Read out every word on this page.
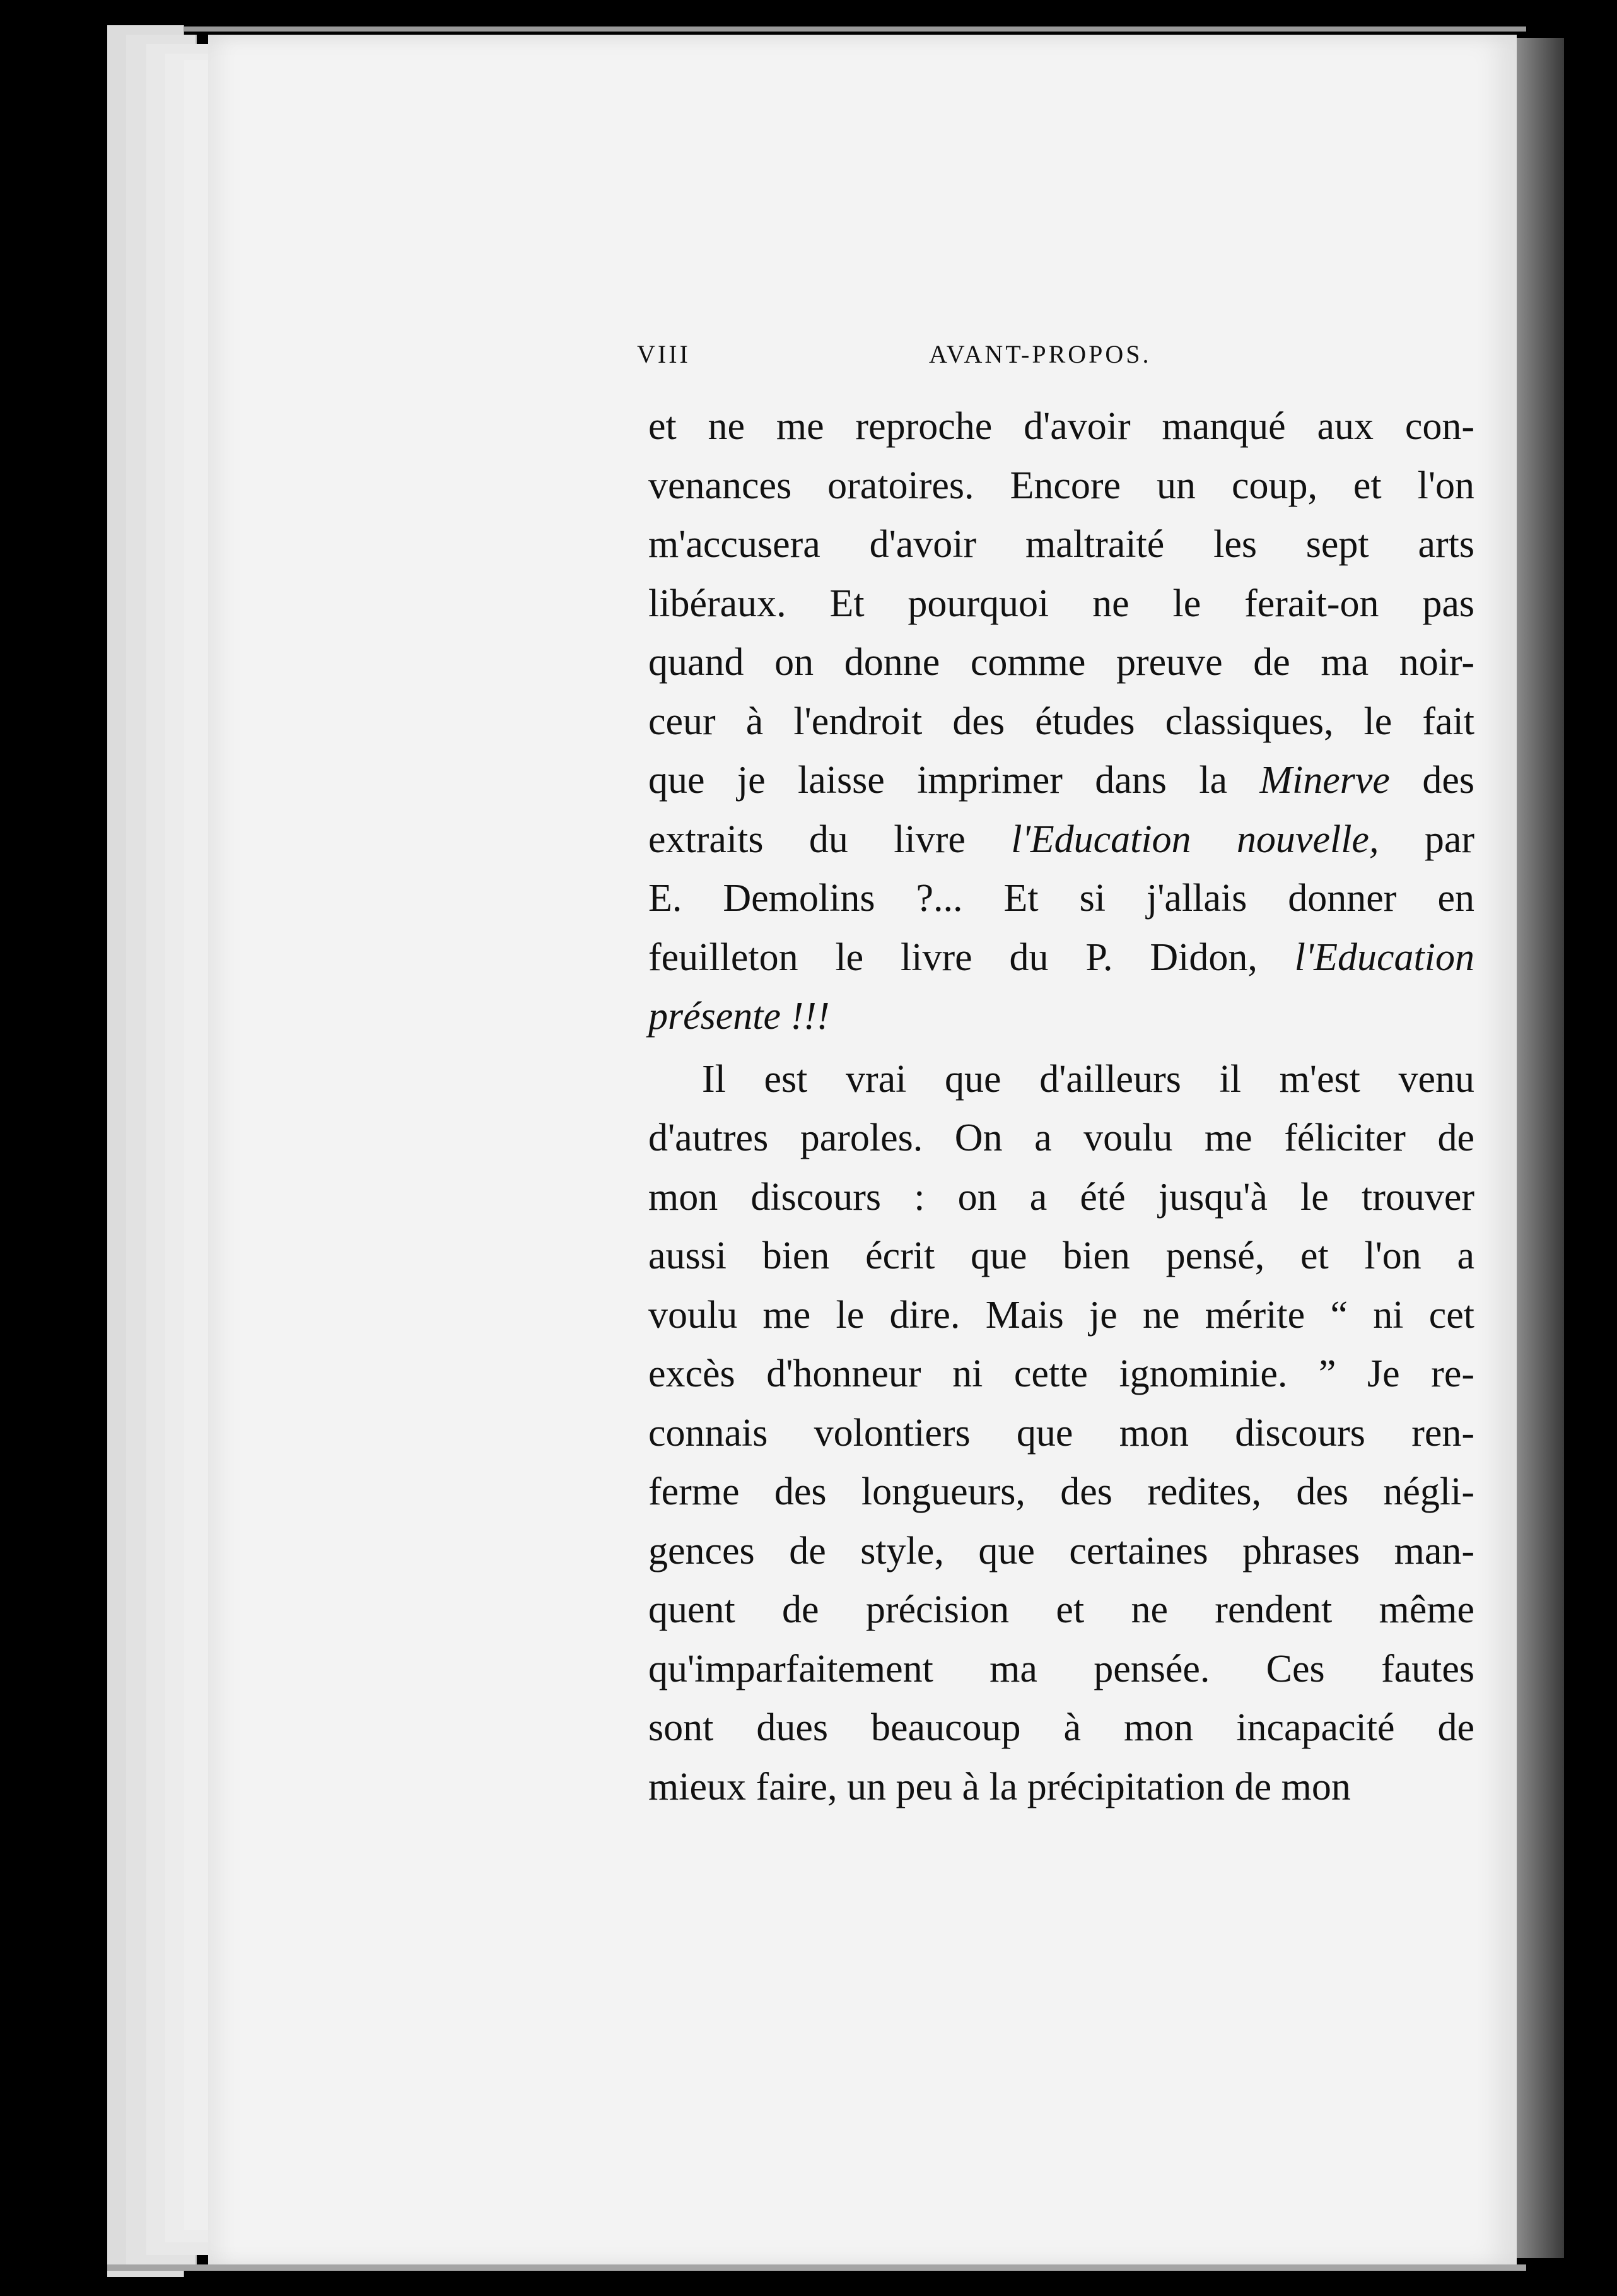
VIII	AVANT-PROPOS.
et ne me reproche d'avoir manqué aux con-
venances oratoires. Encore un coup, et l'on
m'accusera d'avoir maltraité les sept arts
libéraux. Et pourquoi ne le ferait-on pas
quand on donne comme preuve de ma noir-
ceur à l'endroit des études classiques, le fait
que je laisse imprimer dans la Minerve des
extraits du livre l'Education nouvelle, par
E. Demolins ?... Et si j'allais donner en
feuilleton le livre du P. Didon, l'Education
présente !!!
Il est vrai que d'ailleurs il m'est venu
d'autres paroles. On a voulu me féliciter de
mon discours : on a été jusqu'à le trouver
aussi bien écrit que bien pensé, et l'on a
voulu me le dire. Mais je ne mérite “ ni cet
excès d'honneur ni cette ignominie. ” Je re-
connais volontiers que mon discours ren-
ferme des longueurs, des redites, des négli-
gences de style, que certaines phrases man-
quent de précision et ne rendent même
qu'imparfaitement ma pensée. Ces fautes
sont dues beaucoup à mon incapacité de
mieux faire, un peu à la précipitation de mon
